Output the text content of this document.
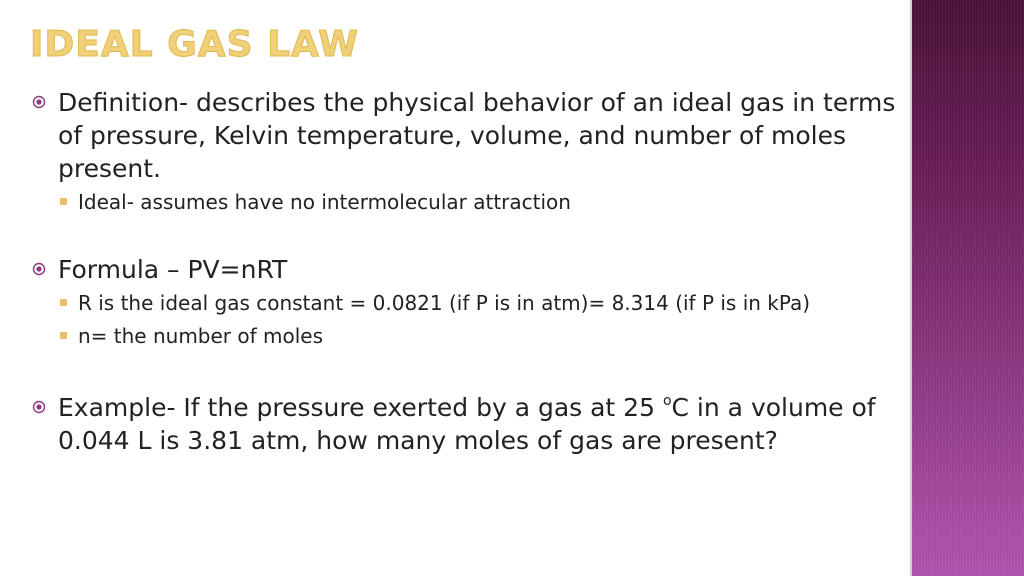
IDEAL GAS LAW
Definition- describes the physical behavior of an ideal gas in terms of pressure, Kelvin temperature, volume, and number of moles present.
Ideal- assumes have no intermolecular attraction
Formula – PV=nRT
R is the ideal gas constant = 0.0821 (if P is in atm)= 8.314 (if P is in kPa)
n= the number of moles
Example- If the pressure exerted by a gas at 25 $^o$C in a volume of 0.044 L is 3.81 atm, how many moles of gas are present?
